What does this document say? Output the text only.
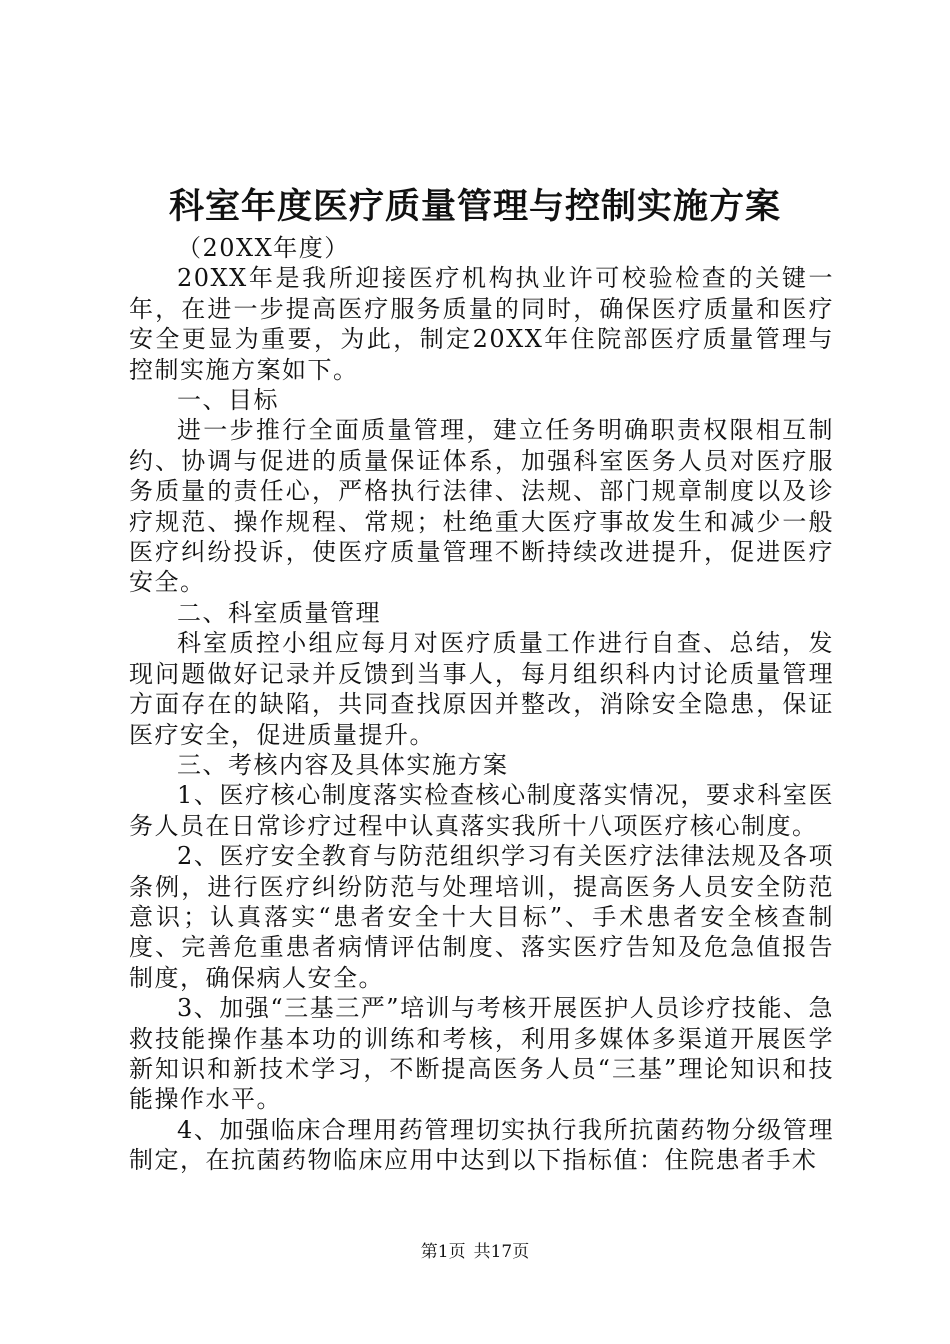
科室年度医疗质量管理与控制实施方案

（20XX年度）

20XX年是我所迎接医疗机构执业许可校验检查的关键一年，在进一步提高医疗服务质量的同时，确保医疗质量和医疗安全更显为重要，为此，制定20XX年住院部医疗质量管理与控制实施方案如下。

一、目标

进一步推行全面质量管理，建立任务明确职责权限相互制约、协调与促进的质量保证体系，加强科室医务人员对医疗服务质量的责任心，严格执行法律、法规、部门规章制度以及诊疗规范、操作规程、常规；杜绝重大医疗事故发生和减少一般医疗纠纷投诉，使医疗质量管理不断持续改进提升，促进医疗安全。

二、科室质量管理

科室质控小组应每月对医疗质量工作进行自查、总结，发现问题做好记录并反馈到当事人，每月组织科内讨论质量管理方面存在的缺陷，共同查找原因并整改，消除安全隐患，保证医疗安全，促进质量提升。

三、考核内容及具体实施方案

1、医疗核心制度落实检查核心制度落实情况，要求科室医务人员在日常诊疗过程中认真落实我所十八项医疗核心制度。

2、医疗安全教育与防范组织学习有关医疗法律法规及各项条例，进行医疗纠纷防范与处理培训，提高医务人员安全防范意识；认真落实“患者安全十大目标”、手术患者安全核查制度、完善危重患者病情评估制度、落实医疗告知及危急值报告制度，确保病人安全。

3、加强“三基三严”培训与考核开展医护人员诊疗技能、急救技能操作基本功的训练和考核，利用多媒体多渠道开展医学新知识和新技术学习，不断提高医务人员“三基”理论知识和技能操作水平。

4、加强临床合理用药管理切实执行我所抗菌药物分级管理制定，在抗菌药物临床应用中达到以下指标值：住院患者手术

第1页 共17页
